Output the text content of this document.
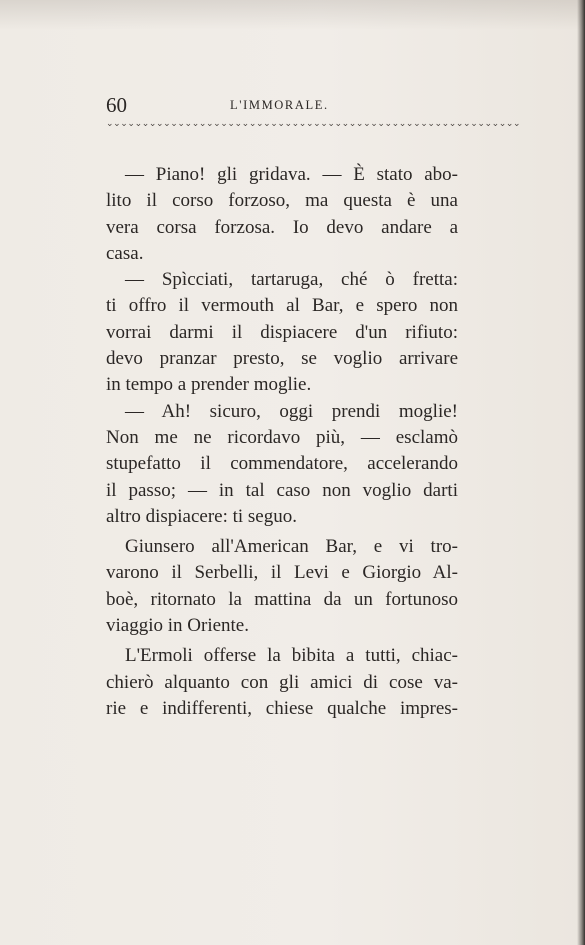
60	L'IMMORALE.
⌄⌄⌄⌄⌄⌄⌄⌄⌄⌄⌄⌄⌄⌄⌄⌄⌄⌄⌄⌄⌄⌄⌄⌄⌄⌄⌄⌄⌄⌄⌄⌄⌄⌄⌄⌄⌄⌄⌄⌄⌄⌄⌄⌄⌄⌄⌄⌄⌄⌄⌄⌄⌄⌄⌄⌄⌄⌄
— Piano! gli gridava. — È stato abo-
lito il corso forzoso, ma questa è una
vera corsa forzosa. Io devo andare a
casa.
— Spìcciati, tartaruga, ché ò fretta:
ti offro il vermouth al Bar, e spero non
vorrai darmi il dispiacere d'un rifiuto:
devo pranzar presto, se voglio arrivare
in tempo a prender moglie.
— Ah! sicuro, oggi prendi moglie!
Non me ne ricordavo più, — esclamò
stupefatto il commendatore, accelerando
il passo; — in tal caso non voglio darti
altro dispiacere: ti seguo.
Giunsero all'American Bar, e vi tro-
varono il Serbelli, il Levi e Giorgio Al-
boè, ritornato la mattina da un fortunoso
viaggio in Oriente.
L'Ermoli offerse la bibita a tutti, chiac-
chierò alquanto con gli amici di cose va-
rie e indifferenti, chiese qualche impres-
